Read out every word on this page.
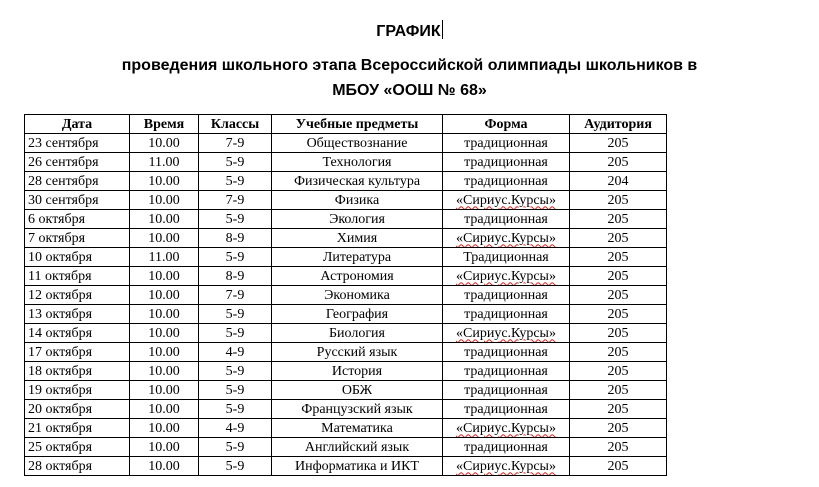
ГРАФИК
проведения школьного этапа Всероссийской олимпиады школьников в
МБОУ «ООШ № 68»
Дата	Время	Классы	Учебные предметы	Форма	Аудитория
23 сентября	10.00	7-9	Обществознание	традиционная	205
26 сентября	11.00	5-9	Технология	традиционная	205
28 сентября	10.00	5-9	Физическая культура	традиционная	204
30 сентября	10.00	7-9	Физика	«Сириус.Курсы»	205
6 октября	10.00	5-9	Экология	традиционная	205
7 октября	10.00	8-9	Химия	«Сириус.Курсы»	205
10 октября	11.00	5-9	Литература	Традиционная	205
11 октября	10.00	8-9	Астрономия	«Сириус.Курсы»	205
12 октября	10.00	7-9	Экономика	традиционная	205
13 октября	10.00	5-9	География	традиционная	205
14 октября	10.00	5-9	Биология	«Сириус.Курсы»	205
17 октября	10.00	4-9	Русский язык	традиционная	205
18 октября	10.00	5-9	История	традиционная	205
19 октября	10.00	5-9	ОБЖ	традиционная	205
20 октября	10.00	5-9	Французский язык	традиционная	205
21 октября	10.00	4-9	Математика	«Сириус.Курсы»	205
25 октября	10.00	5-9	Английский язык	традиционная	205
28 октября	10.00	5-9	Информатика и ИКТ	«Сириус.Курсы»	205
